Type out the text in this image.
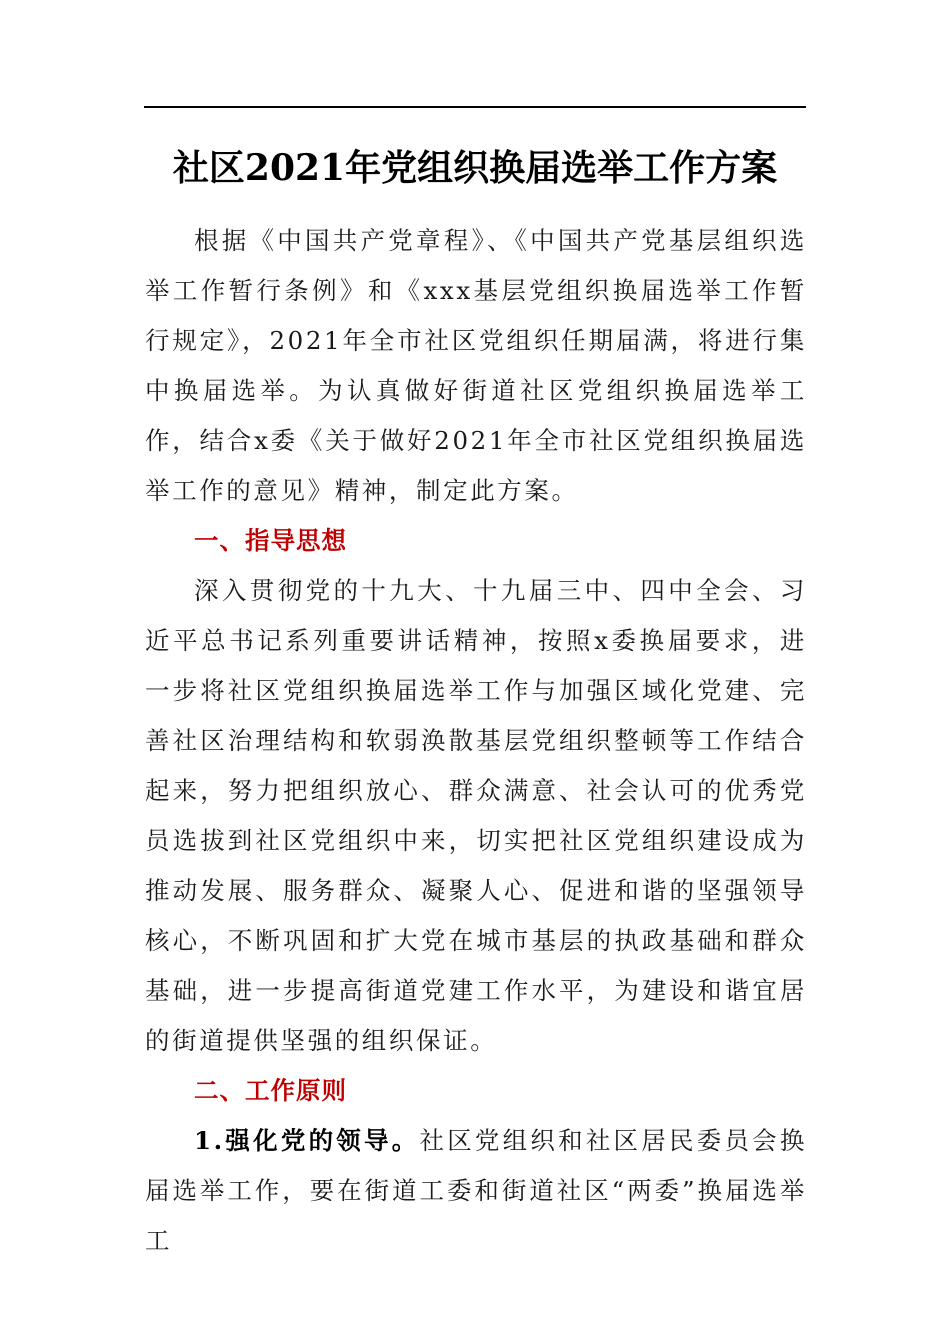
社区2021年党组织换届选举工作方案

根据《中国共产党章程》、《中国共产党基层组织选举工作暂行条例》和《xxx基层党组织换届选举工作暂行规定》，2021年全市社区党组织任期届满，将进行集中换届选举。为认真做好街道社区党组织换届选举工作，结合x委《关于做好2021年全市社区党组织换届选举工作的意见》精神，制定此方案。

一、指导思想

深入贯彻党的十九大、十九届三中、四中全会、习近平总书记系列重要讲话精神，按照x委换届要求，进一步将社区党组织换届选举工作与加强区域化党建、完善社区治理结构和软弱涣散基层党组织整顿等工作结合起来，努力把组织放心、群众满意、社会认可的优秀党员选拔到社区党组织中来，切实把社区党组织建设成为推动发展、服务群众、凝聚人心、促进和谐的坚强领导核心，不断巩固和扩大党在城市基层的执政基础和群众基础，进一步提高街道党建工作水平，为建设和谐宜居的街道提供坚强的组织保证。

二、工作原则

1.强化党的领导。社区党组织和社区居民委员会换届选举工作，要在街道工委和街道社区“两委”换届选举工
